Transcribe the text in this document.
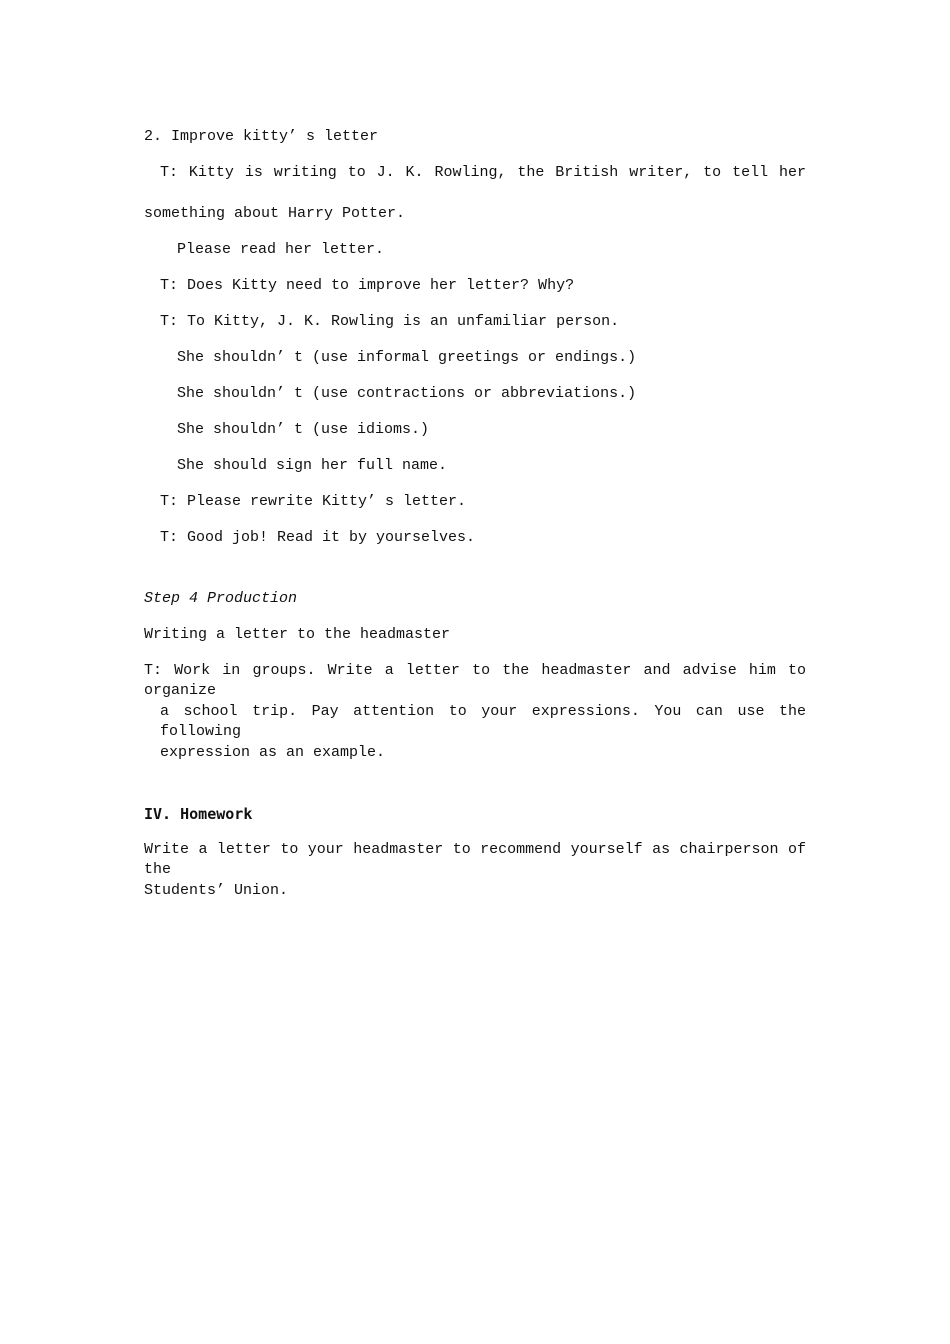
2. Improve kitty’ s letter

T: Kitty is writing to J. K. Rowling, the British writer, to tell her

something about Harry Potter.

Please read her letter.

T: Does Kitty need to improve her letter? Why?

T: To Kitty, J. K. Rowling is an unfamiliar person.

She shouldn’ t (use informal greetings or endings.)

She shouldn’ t (use contractions or abbreviations.)

She shouldn’ t (use idioms.)

She should sign her full name.

T: Please rewrite Kitty’ s letter.

T: Good job! Read it by yourselves.

Step 4 Production

Writing a letter to the headmaster

T: Work in groups. Write a letter to the headmaster and advise him to organize

a school trip. Pay attention to your expressions. You can use the following

expression as an example.

IV. Homework

Write a letter to your headmaster to recommend yourself as chairperson of the

Students’ Union.
